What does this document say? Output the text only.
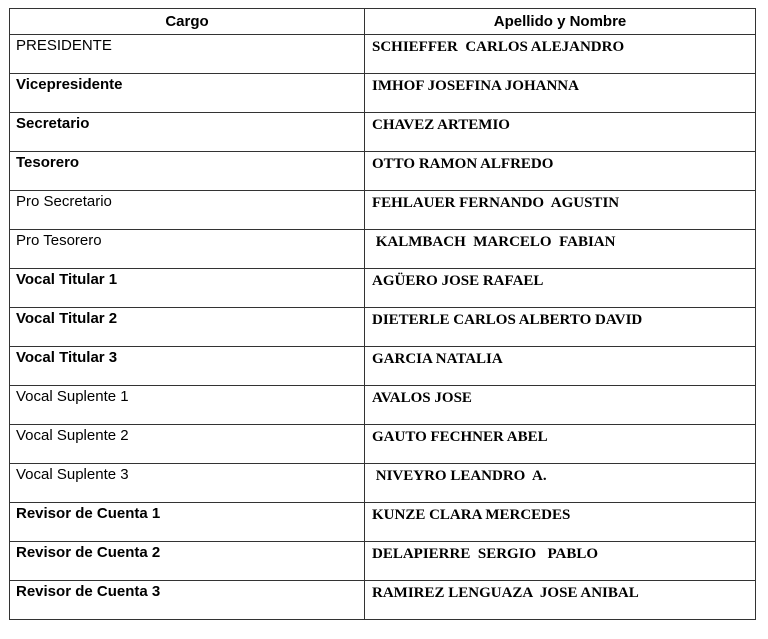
Cargo	Apellido y Nombre
PRESIDENTE	SCHIEFFER  CARLOS ALEJANDRO
Vicepresidente	IMHOF JOSEFINA JOHANNA
Secretario	CHAVEZ ARTEMIO
Tesorero	OTTO RAMON ALFREDO
Pro Secretario	FEHLAUER FERNANDO  AGUSTIN
Pro Tesorero	KALMBACH  MARCELO  FABIAN
Vocal Titular 1	AGÜERO JOSE RAFAEL
Vocal Titular 2	DIETERLE CARLOS ALBERTO DAVID
Vocal Titular 3	GARCIA NATALIA
Vocal Suplente 1	AVALOS JOSE
Vocal Suplente 2	GAUTO FECHNER ABEL
Vocal Suplente 3	NIVEYRO LEANDRO  A.
Revisor de Cuenta 1	KUNZE CLARA MERCEDES
Revisor de Cuenta 2	DELAPIERRE  SERGIO   PABLO
Revisor de Cuenta 3	RAMIREZ LENGUAZA  JOSE ANIBAL
